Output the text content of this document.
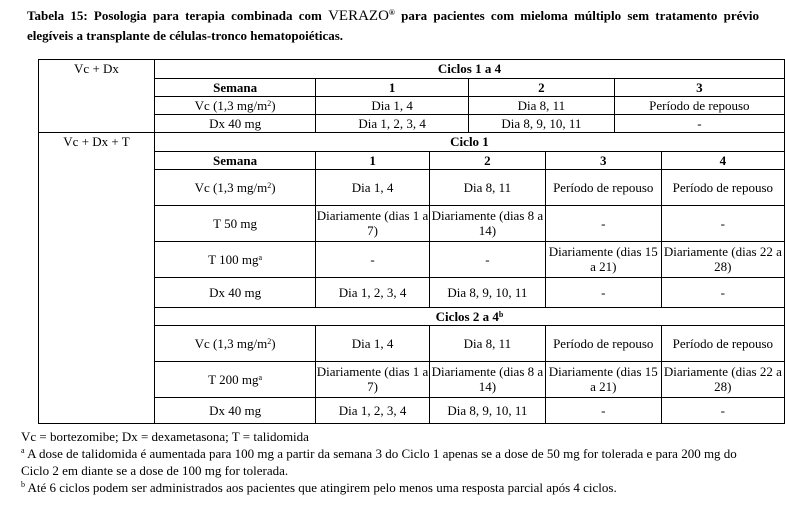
Tabela 15: Posologia para terapia combinada com VERAZO® para pacientes com mieloma múltiplo sem tratamento prévio elegíveis a transplante de células-tronco hematopoiéticas.
Vc + Dx		Ciclos 1 a 4
Semana	1	2	3
Vc (1,3 $mg/m^2$)	Dia 1, 4	Dia 8, 11	Período de repouso
Dx 40 mg	Dia 1, 2, 3, 4	Dia 8, 9, 10, 11	-

Vc + Dx + T		Ciclo 1
Semana	1	2	3	4
Vc (1,3 $mg/m^2$)	Dia 1, 4	Dia 8, 11	Período de repouso	Período de repouso
T 50 mg	Diariamente (dias 1 a 7)	Diariamente (dias 8 a 14)	-	-
T 100 $mg^a$	-	-	Diariamente (dias 15 a 21)	Diariamente (dias 22 a 28)
Dx 40 mg	Dia 1, 2, 3, 4	Dia 8, 9, 10, 11	-	-
Ciclos 2 a 4$^b$
Vc (1,3 $mg/m^2$)	Dia 1, 4	Dia 8, 11	Período de repouso	Período de repouso
T 200 $mg^a$	Diariamente (dias 1 a 7)	Diariamente (dias 8 a 14)	Diariamente (dias 15 a 21)	Diariamente (dias 22 a 28)
Dx 40 mg	Dia 1, 2, 3, 4	Dia 8, 9, 10, 11	-	-

Vc = bortezomibe; Dx = dexametasona; T = talidomida

$^a$ A dose de talidomida é aumentada para 100 mg a partir da semana 3 do Ciclo 1 apenas se a dose de 50 mg for tolerada e para 200 mg do Ciclo 2 em diante se a dose de 100 mg for tolerada.

$^b$ Até 6 ciclos podem ser administrados aos pacientes que atingirem pelo menos uma resposta parcial após 4 ciclos.
